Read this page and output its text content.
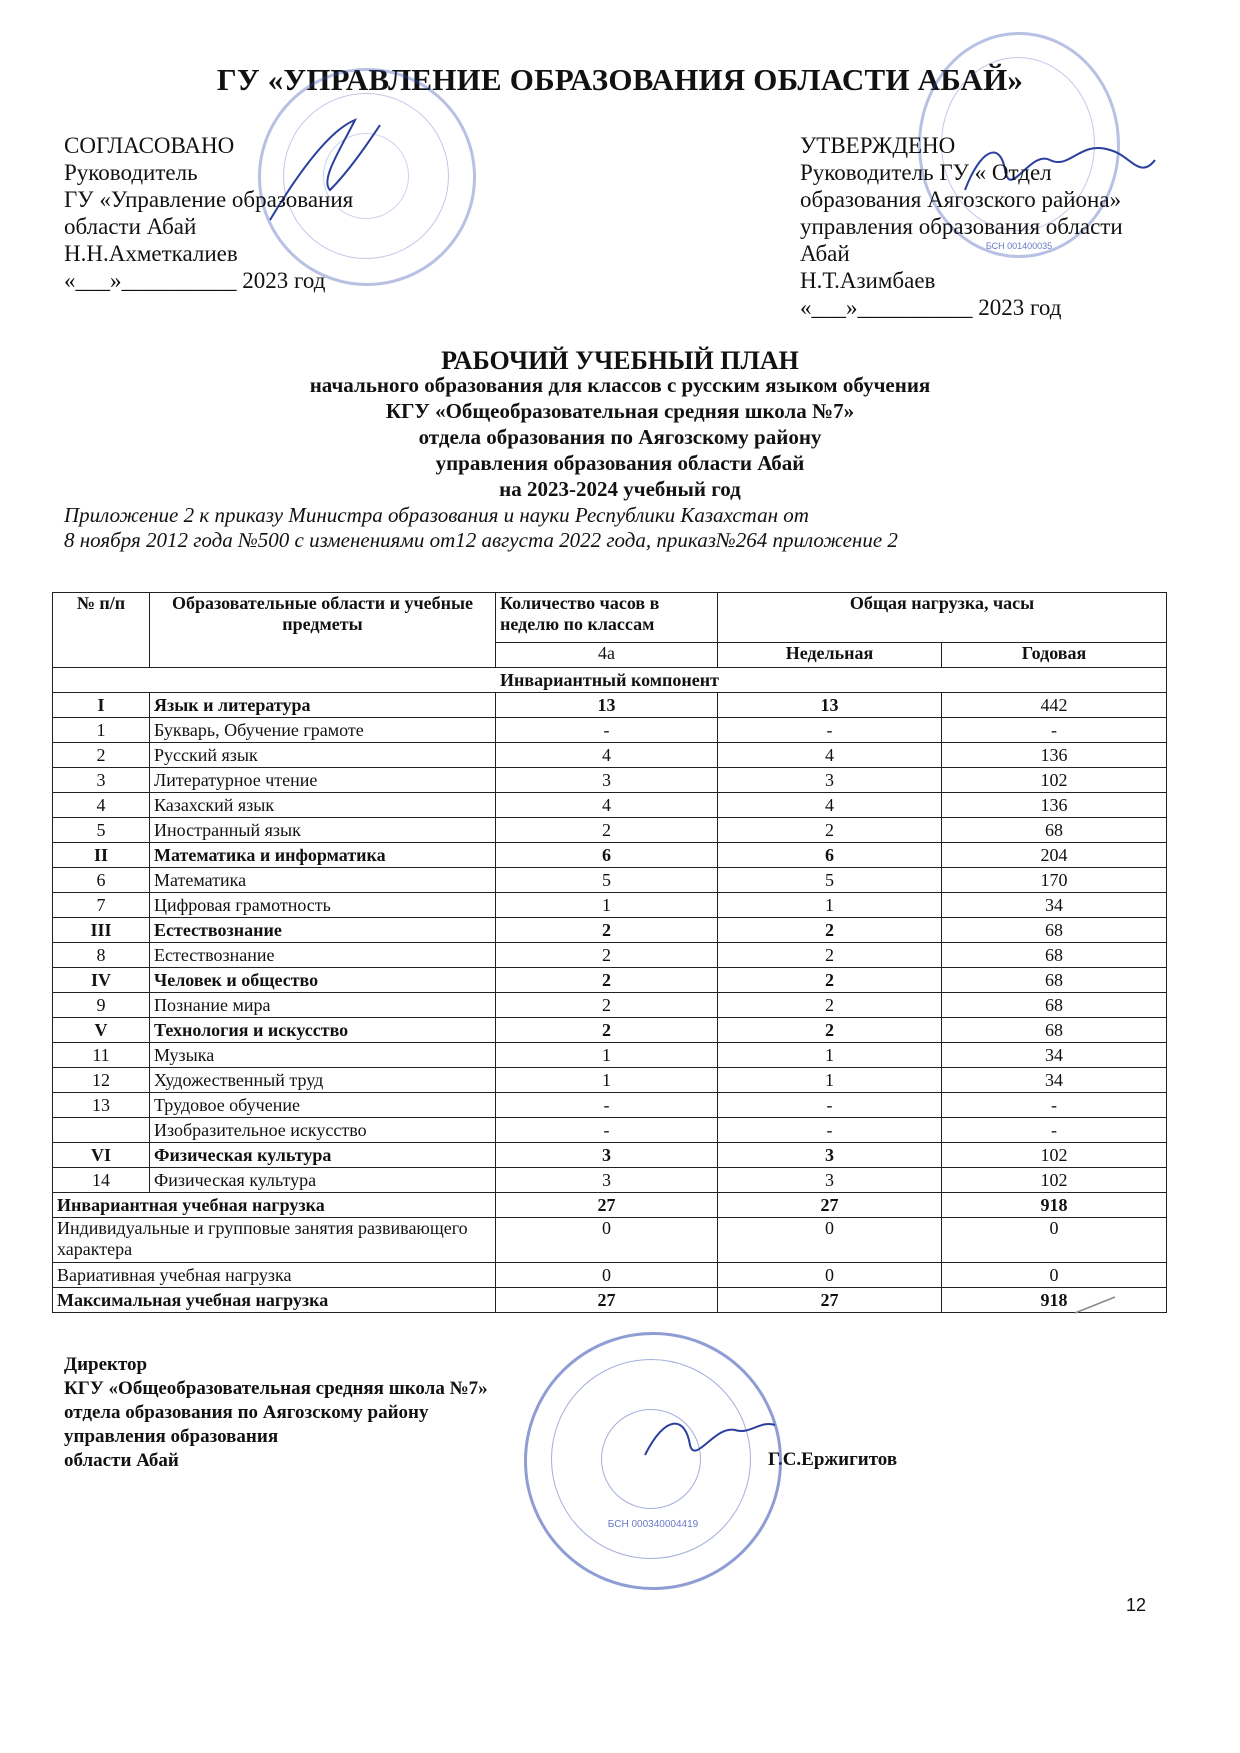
ГУ «УПРАВЛЕНИЕ ОБРАЗОВАНИЯ ОБЛАСТИ АБАЙ»
БСН 001400035
СОГЛАСОВАНО
Руководитель
ГУ «Управление образования
области Абай
Н.Н.Ахметкалиев
«___»__________ 2023 год
УТВЕРЖДЕНО
Руководитель ГУ « Отдел
образования Аягозского района»
управления образования области
Абай
Н.Т.Азимбаев
«___»__________ 2023 год
РАБОЧИЙ УЧЕБНЫЙ ПЛАН
начального образования для классов с русским языком обучения
КГУ «Общеобразовательная средняя школа №7»
отдела образования по Аягозскому району
управления образования области Абай
на 2023-2024 учебный год
Приложение 2 к приказу Министра образования и науки Республики Казахстан от
8 ноября 2012 года №500 с изменениями от12 августа 2022 года, приказ№264 приложение 2
№ п/п	Образовательные области и учебные предметы	Количество часов в неделю по классам	Общая нагрузка, часы	
		4а	Недельная	Годовая
Инвариантный компонент				
I	Язык и литература	13	13	442
1	Букварь, Обучение грамоте	-	-	-
2	Русский язык	4	4	136
3	Литературное чтение	3	3	102
4	Казахский язык	4	4	136
5	Иностранный язык	2	2	68
II	Математика и информатика	6	6	204
6	Математика	5	5	170
7	Цифровая грамотность	1	1	34
III	Естествознание	2	2	68
8	Естествознание	2	2	68
IV	Человек и общество	2	2	68
9	Познание мира	2	2	68
V	Технология и искусство	2	2	68
11	Музыка	1	1	34
12	Художественный труд	1	1	34
13	Трудовое обучение	-	-	-
	Изобразительное искусство	-	-	-
VI	Физическая культура	3	3	102
14	Физическая культура	3	3	102
Инвариантная учебная нагрузка		27	27	918
Индивидуальные и групповые занятия развивающего характера		0	0	0
Вариативная учебная нагрузка		0	0	0
Максимальная учебная нагрузка		27	27	918
Директор
КГУ «Общеобразовательная средняя школа №7»
отдела образования по Аягозскому району
управления образования
области Абай	Г.С.Ержигитов
БСН 000340004419
12
